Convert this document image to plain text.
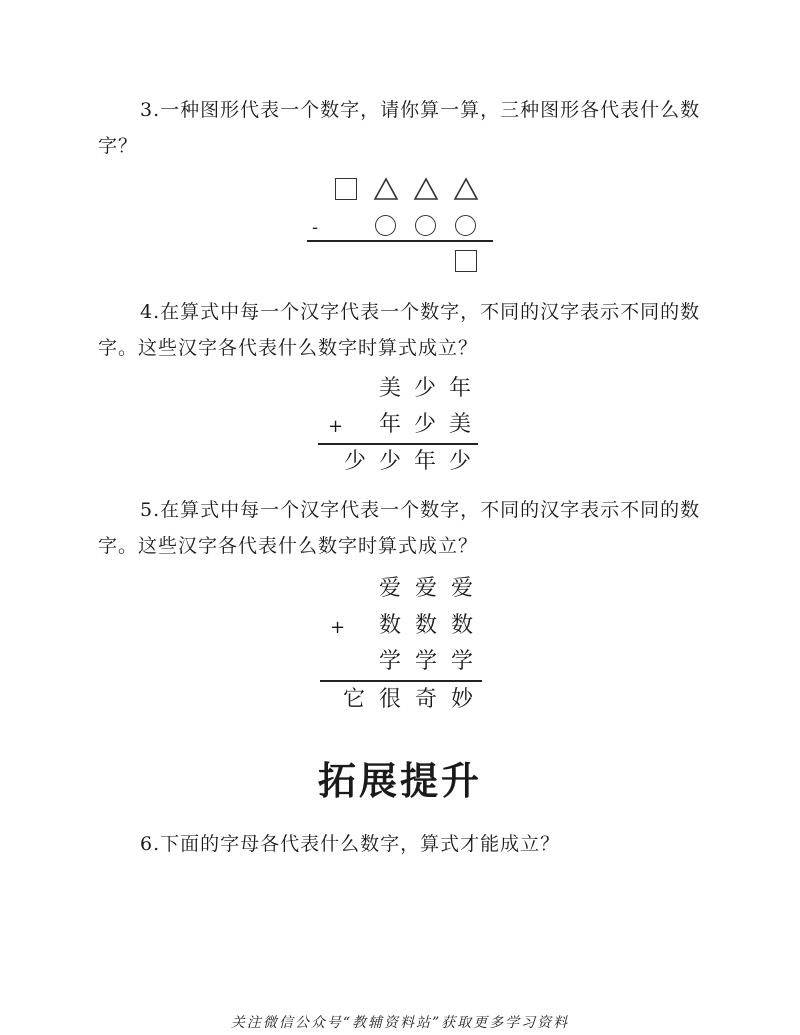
3.一种图形代表一个数字，请你算一算，三种图形各代表什么数字？
-
4.在算式中每一个汉字代表一个数字，不同的汉字表示不同的数字。这些汉字各代表什么数字时算式成立？
美 少 年
+	年 少 美
少 少 年 少
5.在算式中每一个汉字代表一个数字，不同的汉字表示不同的数字。这些汉字各代表什么数字时算式成立？
爱 爱 爱
+	数 数 数
学 学 学
它 很 奇 妙
拓展提升
6.下面的字母各代表什么数字，算式才能成立？
关注微信公众号“教辅资料站”获取更多学习资料
